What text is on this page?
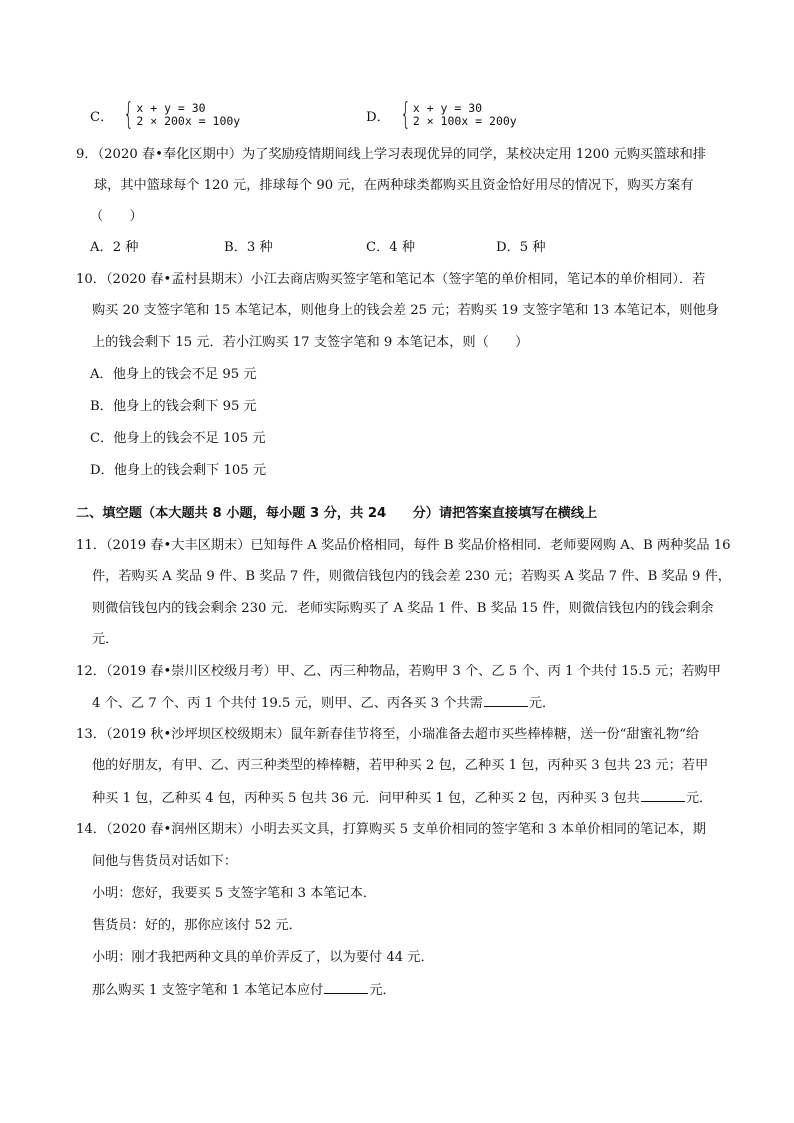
C． { x + y = 30
2 × 200x = 100y	D． { x + y = 30
2 × 100x = 200y
9．（2020 春•奉化区期中）为了奖励疫情期间线上学习表现优异的同学，某校决定用 1200 元购买篮球和排
球，其中篮球每个 120 元，排球每个 90 元，在两种球类都购买且资金恰好用尽的情况下，购买方案有
（　　）
A．2 种	B．3 种	C．4 种	D．5 种
10．（2020 春•孟村县期末）小江去商店购买签字笔和笔记本（签字笔的单价相同，笔记本的单价相同）．若
购买 20 支签字笔和 15 本笔记本，则他身上的钱会差 25 元；若购买 19 支签字笔和 13 本笔记本，则他身
上的钱会剩下 15 元．若小江购买 17 支签字笔和 9 本笔记本，则（　　）
A．他身上的钱会不足 95 元
B．他身上的钱会剩下 95 元
C．他身上的钱会不足 105 元
D．他身上的钱会剩下 105 元
二、填空题（本大题共 8 小题，每小题 3 分，共 24　　分）请把答案直接填写在横线上
11．（2019 春•大丰区期末）已知每件 A 奖品价格相同，每件 B 奖品价格相同．老师要网购 A、B 两种奖品 16
件，若购买 A 奖品 9 件、B 奖品 7 件，则微信钱包内的钱会差 230 元；若购买 A 奖品 7 件、B 奖品 9 件，
则微信钱包内的钱会剩余 230 元．老师实际购买了 A 奖品 1 件、B 奖品 15 件，则微信钱包内的钱会剩余
元．
12．（2019 春•崇川区校级月考）甲、乙、丙三种物品，若购甲 3 个、乙 5 个、丙 1 个共付 15.5 元；若购甲
4 个、乙 7 个、丙 1 个共付 19.5 元，则甲、乙、丙各买 3 个共需	元．
13．（2019 秋•沙坪坝区校级期末）鼠年新春佳节将至，小瑞准备去超市买些棒棒糖，送一份“甜蜜礼物“给
他的好朋友，有甲、乙、丙三种类型的棒棒糖，若甲种买 2 包，乙种买 1 包，丙种买 3 包共 23 元；若甲
种买 1 包，乙种买 4 包，丙种买 5 包共 36 元．问甲种买 1 包，乙种买 2 包，丙种买 3 包共	元．
14．（2020 春•润州区期末）小明去买文具，打算购买 5 支单价相同的签字笔和 3 本单价相同的笔记本，期
间他与售货员对话如下：
小明：您好，我要买 5 支签字笔和 3 本笔记本．
售货员：好的，那你应该付 52 元．
小明：刚才我把两种文具的单价弄反了，以为要付 44 元．
那么购买 1 支签字笔和 1 本笔记本应付	元．
